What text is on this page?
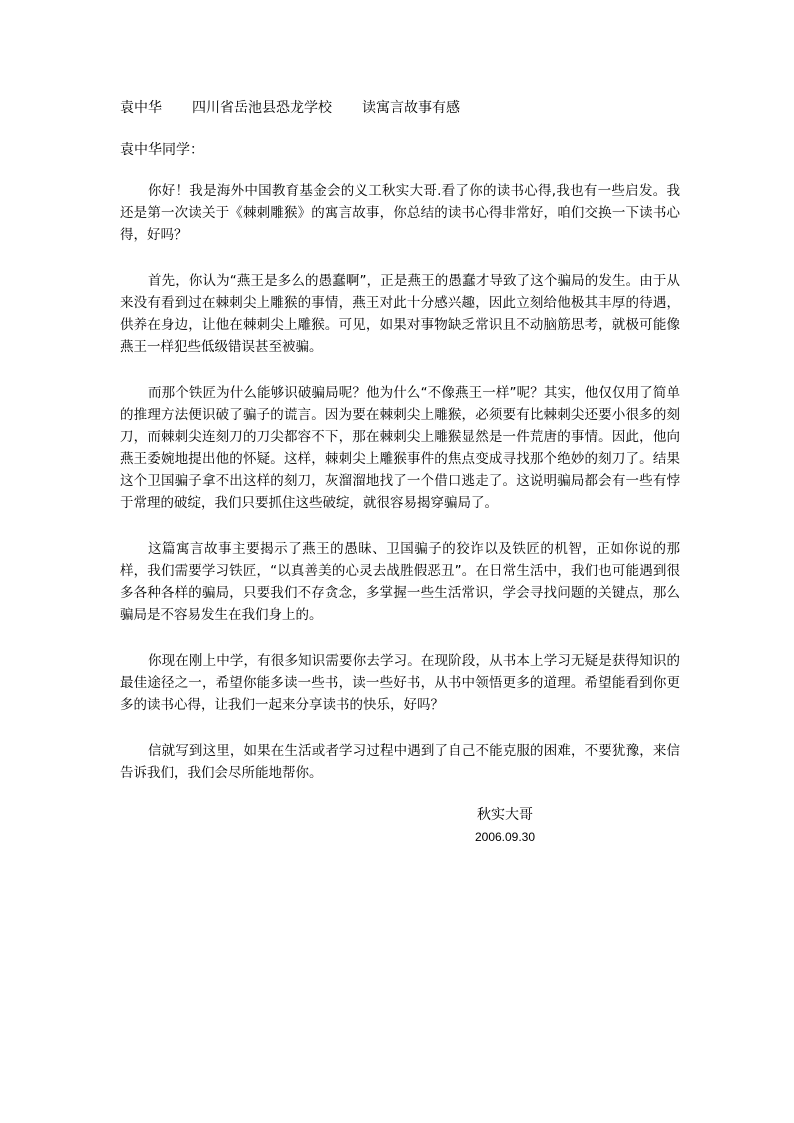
袁中华 四川省岳池县恐龙学校 读寓言故事有感
袁中华同学：

你好！我是海外中国教育基金会的义工秋实大哥.看了你的读书心得,我也有一些启发。我还是第一次读关于《棘刺雕猴》的寓言故事，你总结的读书心得非常好，咱们交换一下读书心得，好吗？

首先，你认为“燕王是多么的愚蠢啊”，正是燕王的愚蠢才导致了这个骗局的发生。由于从来没有看到过在棘刺尖上雕猴的事情，燕王对此十分感兴趣，因此立刻给他极其丰厚的待遇，供养在身边，让他在棘刺尖上雕猴。可见，如果对事物缺乏常识且不动脑筋思考，就极可能像燕王一样犯些低级错误甚至被骗。

而那个铁匠为什么能够识破骗局呢？他为什么“不像燕王一样”呢？其实，他仅仅用了简单的推理方法便识破了骗子的谎言。因为要在棘刺尖上雕猴，必须要有比棘刺尖还要小很多的刻刀，而棘刺尖连刻刀的刀尖都容不下，那在棘刺尖上雕猴显然是一件荒唐的事情。因此，他向燕王委婉地提出他的怀疑。这样，棘刺尖上雕猴事件的焦点变成寻找那个绝妙的刻刀了。结果这个卫国骗子拿不出这样的刻刀，灰溜溜地找了一个借口逃走了。这说明骗局都会有一些有悖于常理的破绽，我们只要抓住这些破绽，就很容易揭穿骗局了。

这篇寓言故事主要揭示了燕王的愚昧、卫国骗子的狡诈以及铁匠的机智，正如你说的那样，我们需要学习铁匠，“以真善美的心灵去战胜假恶丑”。在日常生活中，我们也可能遇到很多各种各样的骗局，只要我们不存贪念，多掌握一些生活常识，学会寻找问题的关键点，那么骗局是不容易发生在我们身上的。

你现在刚上中学，有很多知识需要你去学习。在现阶段，从书本上学习无疑是获得知识的最佳途径之一，希望你能多读一些书，读一些好书，从书中领悟更多的道理。希望能看到你更多的读书心得，让我们一起来分享读书的快乐，好吗？

信就写到这里，如果在生活或者学习过程中遇到了自己不能克服的困难，不要犹豫，来信告诉我们，我们会尽所能地帮你。

秋实大哥
2006.09.30
